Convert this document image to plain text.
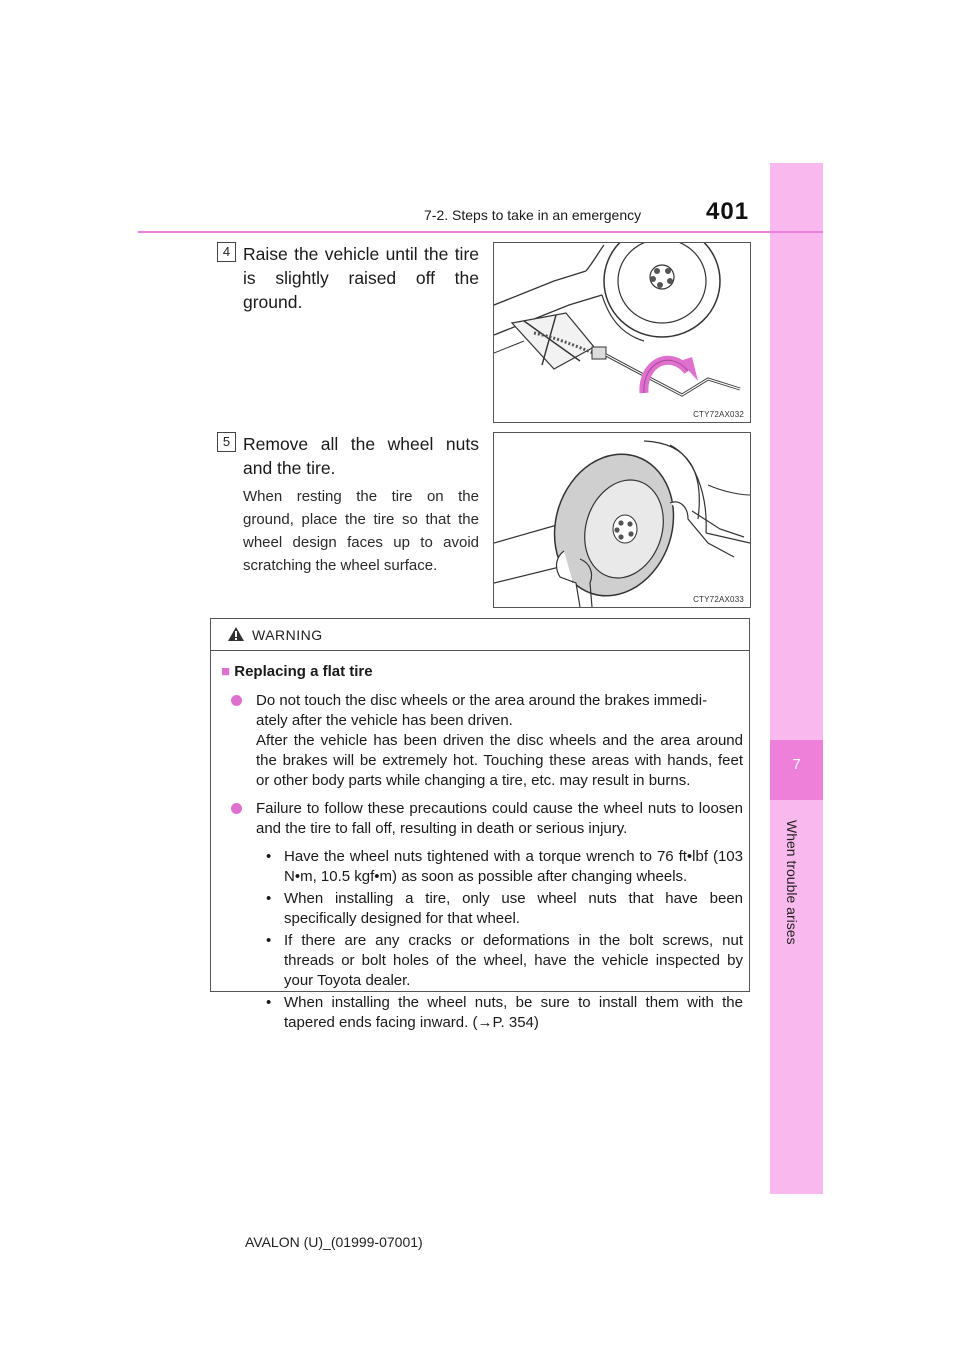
7
When trouble arises
7-2. Steps to take in an emergency	401
4 Raise the vehicle until the tire is slightly raised off the ground.
CTY72AX032
5 Remove all the wheel nuts and the tire.
When resting the tire on the ground, place the tire so that the wheel design faces up to avoid scratching the wheel surface.
CTY72AX033
WARNING
■ Replacing a flat tire
Do not touch the disc wheels or the area around the brakes immedi-
ately after the vehicle has been driven.
After the vehicle has been driven the disc wheels and the area around the brakes will be extremely hot. Touching these areas with hands, feet or other body parts while changing a tire, etc. may result in burns.
Failure to follow these precautions could cause the wheel nuts to loosen and the tire to fall off, resulting in death or serious injury.
• Have the wheel nuts tightened with a torque wrench to 76 ft•lbf (103 N•m, 10.5 kgf•m) as soon as possible after changing wheels.
• When installing a tire, only use wheel nuts that have been specifically designed for that wheel.
• If there are any cracks or deformations in the bolt screws, nut threads or bolt holes of the wheel, have the vehicle inspected by your Toyota dealer.
• When installing the wheel nuts, be sure to install them with the tapered ends facing inward. (→P. 354)
AVALON (U)_(01999-07001)
